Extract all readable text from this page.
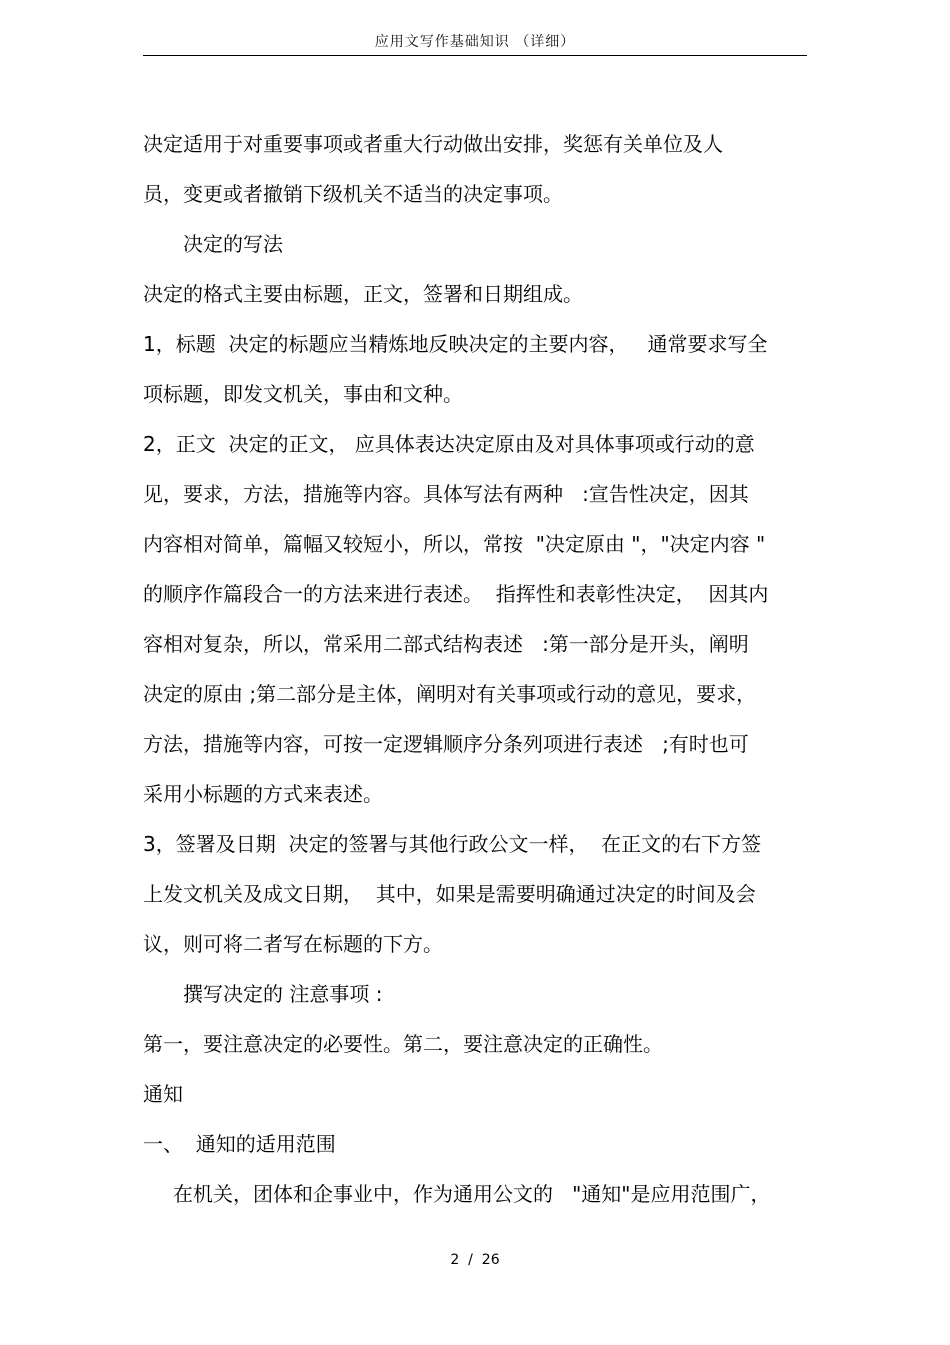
应用文写作基础知识 （详细）
决定适用于对重要事项或者重大行动做出安排，奖惩有关单位及人
员，变更或者撤销下级机关不适当的决定事项。
决定的写法
决定的格式主要由标题，正文，签署和日期组成。
1，标题  决定的标题应当精炼地反映决定的主要内容，   通常要求写全
项标题，即发文机关，事由和文种。
2，正文  决定的正文， 应具体表达决定原由及对具体事项或行动的意
见，要求，方法，措施等内容。具体写法有两种   :宣告性决定，因其
内容相对简单，篇幅又较短小，所以，常按  "决定原由 "，"决定内容 "
的顺序作篇段合一的方法来进行表述。  指挥性和表彰性决定，  因其内
容相对复杂，所以，常采用二部式结构表述   :第一部分是开头，阐明
决定的原由 ;第二部分是主体，阐明对有关事项或行动的意见，要求，
方法，措施等内容，可按一定逻辑顺序分条列项进行表述   ;有时也可
采用小标题的方式来表述。
3，签署及日期  决定的签署与其他行政公文一样，  在正文的右下方签
上发文机关及成文日期，  其中，如果是需要明确通过决定的时间及会
议，则可将二者写在标题的下方。
撰写决定的 注意事项 :
第一，要注意决定的必要性。第二，要注意决定的正确性。
通知
一、  通知的适用范围
在机关，团体和企事业中，作为通用公文的   "通知"是应用范围广，
2  /  26
